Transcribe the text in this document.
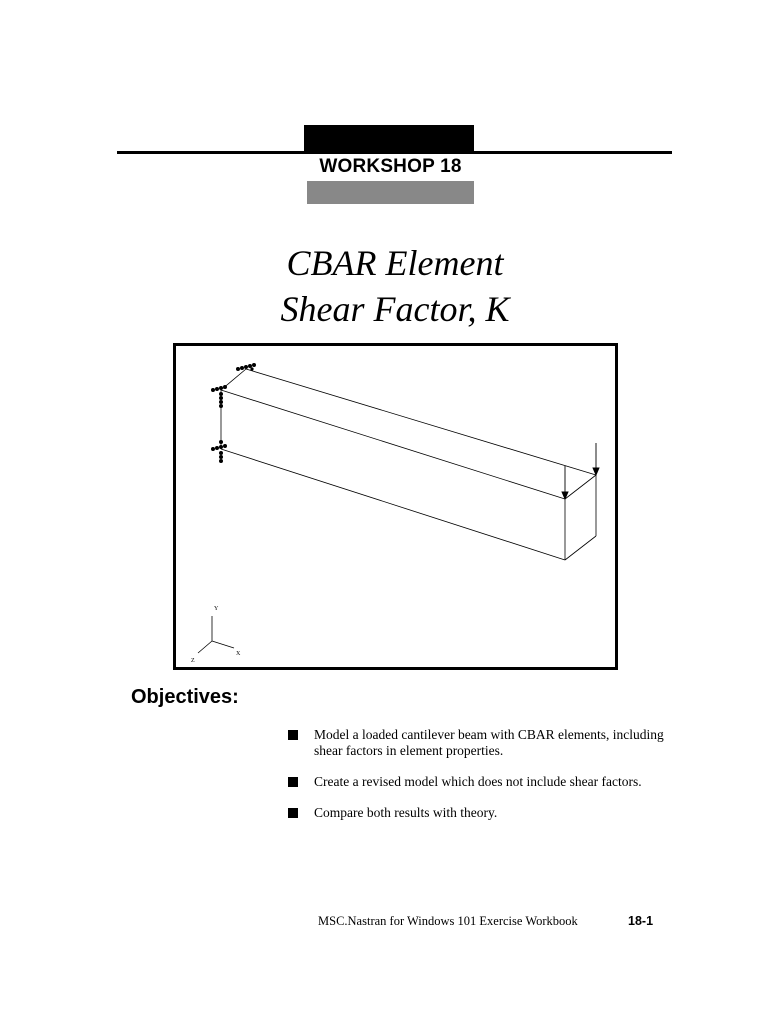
WORKSHOP 18
CBAR Element
Shear Factor, K
Y
X
Z
Objectives:
Model a loaded cantilever beam with CBAR elements, including shear factors in element properties.
Create a revised model which does not include shear factors.
Compare both results with theory.
MSC.Nastran for Windows 101 Exercise Workbook	18-1
